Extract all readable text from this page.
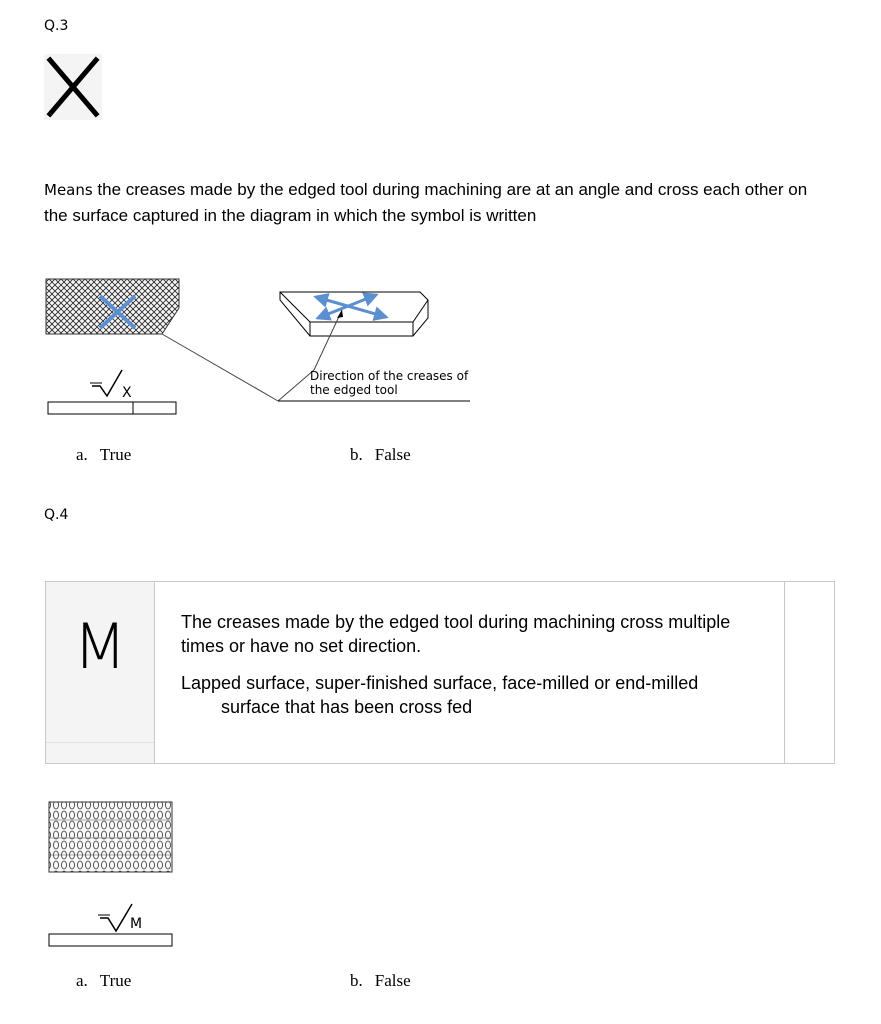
Q.3
Means the creases made by the edged tool during machining are at an angle and cross each other on the surface captured in the diagram in which the symbol is written
X
Direction of the creases of
the edged tool
a. True	b. False
Q.4
M	The creases made by the edged tool during machining cross multiple times or have no set direction.

Lapped surface, super-finished surface, face-milled or end-milled surface that has been cross fed

M
a. True	b. False
